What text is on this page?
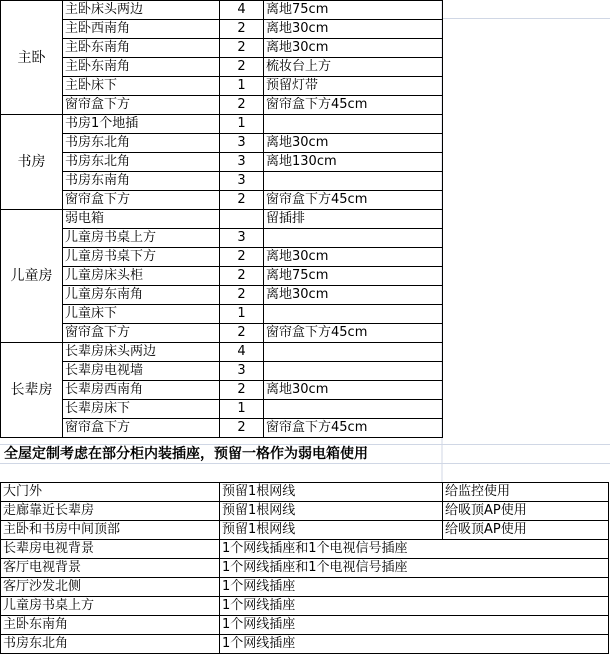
主卧	主卧床头两边	4	离地75cm
	主卧西南角	2	离地30cm
	主卧东南角	2	离地30cm
	主卧东南角	2	梳妆台上方
	主卧床下	1	预留灯带
	窗帘盒下方	2	窗帘盒下方45cm
书房	书房1个地插	1	
	书房东北角	3	离地30cm
	书房东北角	3	离地130cm
	书房东南角	3	
	窗帘盒下方	2	窗帘盒下方45cm
儿童房	弱电箱		留插排
	儿童房书桌上方	3	
	儿童房书桌下方	2	离地30cm
	儿童房床头柜	2	离地75cm
	儿童房东南角	2	离地30cm
	儿童床下	1	
	窗帘盒下方	2	窗帘盒下方45cm
长辈房	长辈房床头两边	4	
	长辈房电视墙	3	
	长辈房西南角	2	离地30cm
	长辈房床下	1	
	窗帘盒下方	2	窗帘盒下方45cm
全屋定制考虑在部分柜内装插座，预留一格作为弱电箱使用
大门外	预留1根网线	给监控使用
走廊靠近长辈房	预留1根网线	给吸顶AP使用
主卧和书房中间顶部	预留1根网线	给吸顶AP使用
长辈房电视背景	1个网线插座和1个电视信号插座	
客厅电视背景	1个网线插座和1个电视信号插座	
客厅沙发北侧	1个网线插座	
儿童房书桌上方	1个网线插座	
主卧东南角	1个网线插座	
书房东北角	1个网线插座	
